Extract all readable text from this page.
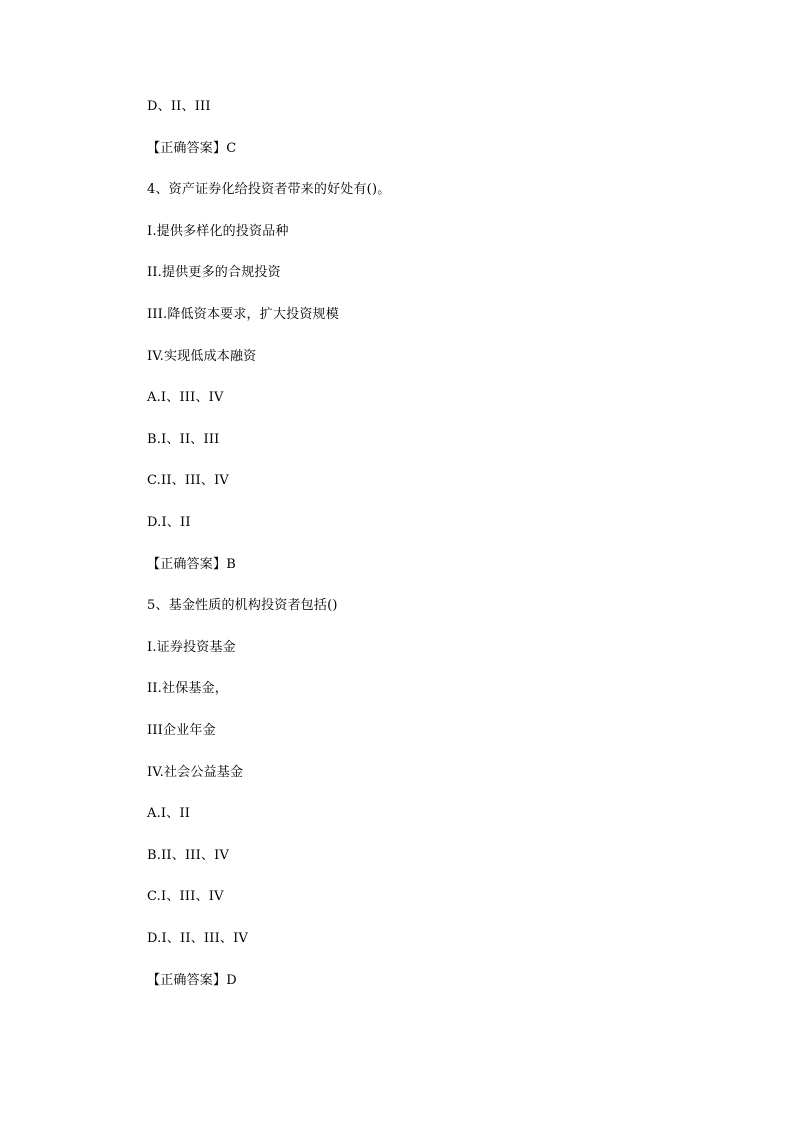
D、II、III
【正确答案】C
4、资产证券化给投资者带来的好处有()。
I.提供多样化的投资品种
II.提供更多的合规投资
III.降低资本要求，扩大投资规模
IV.实现低成本融资
A.I、III、IV
B.I、II、III
C.II、III、IV
D.I、II
【正确答案】B
5、基金性质的机构投资者包括()
I.证券投资基金
II.社保基金，
III企业年金
IV.社会公益基金
A.I、II
B.II、III、IV
C.I、III、IV
D.I、II、III、IV
【正确答案】D
